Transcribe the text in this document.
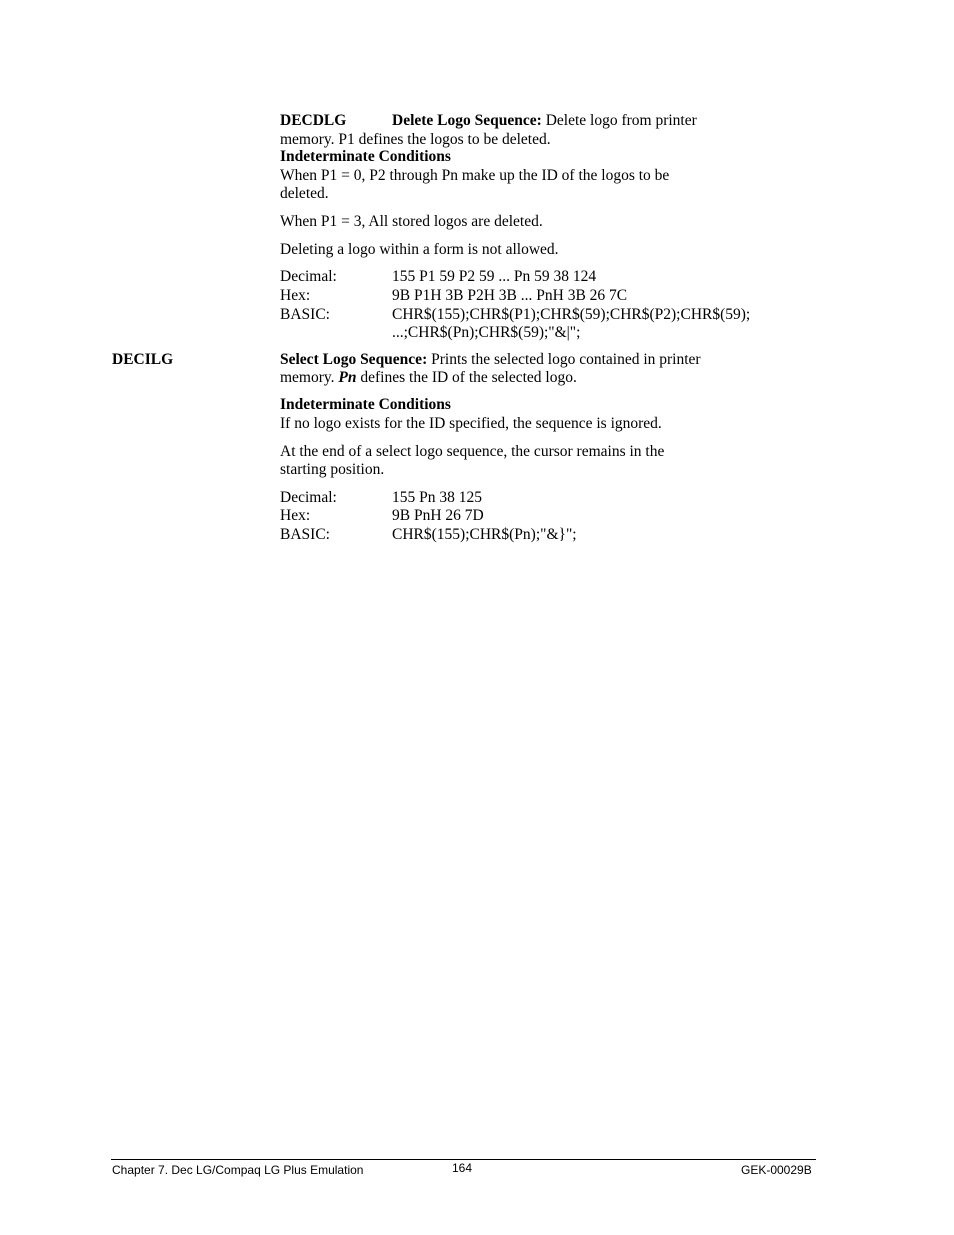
DECDLG	Delete Logo Sequence: Delete logo from printer
memory. P1 defines the logos to be deleted.
Indeterminate Conditions
When P1 = 0, P2 through Pn make up the ID of the logos to be
deleted.
When P1 = 3, All stored logos are deleted.
Deleting a logo within a form is not allowed.
Decimal:	155 P1 59 P2 59 ... Pn 59 38 124
Hex:	9B P1H 3B P2H 3B ... PnH 3B 26 7C
BASIC:	CHR$(155);CHR$(P1);CHR$(59);CHR$(P2);CHR$(59);
...;CHR$(Pn);CHR$(59);"&|";
DECILG	Select Logo Sequence: Prints the selected logo contained in printer
memory. Pn defines the ID of the selected logo.
Indeterminate Conditions
If no logo exists for the ID specified, the sequence is ignored.
At the end of a select logo sequence, the cursor remains in the
starting position.
Decimal:	155 Pn 38 125
Hex:	9B PnH 26 7D
BASIC:	CHR$(155);CHR$(Pn);"&}";
Chapter 7. Dec LG/Compaq LG Plus Emulation	164	GEK-00029B
